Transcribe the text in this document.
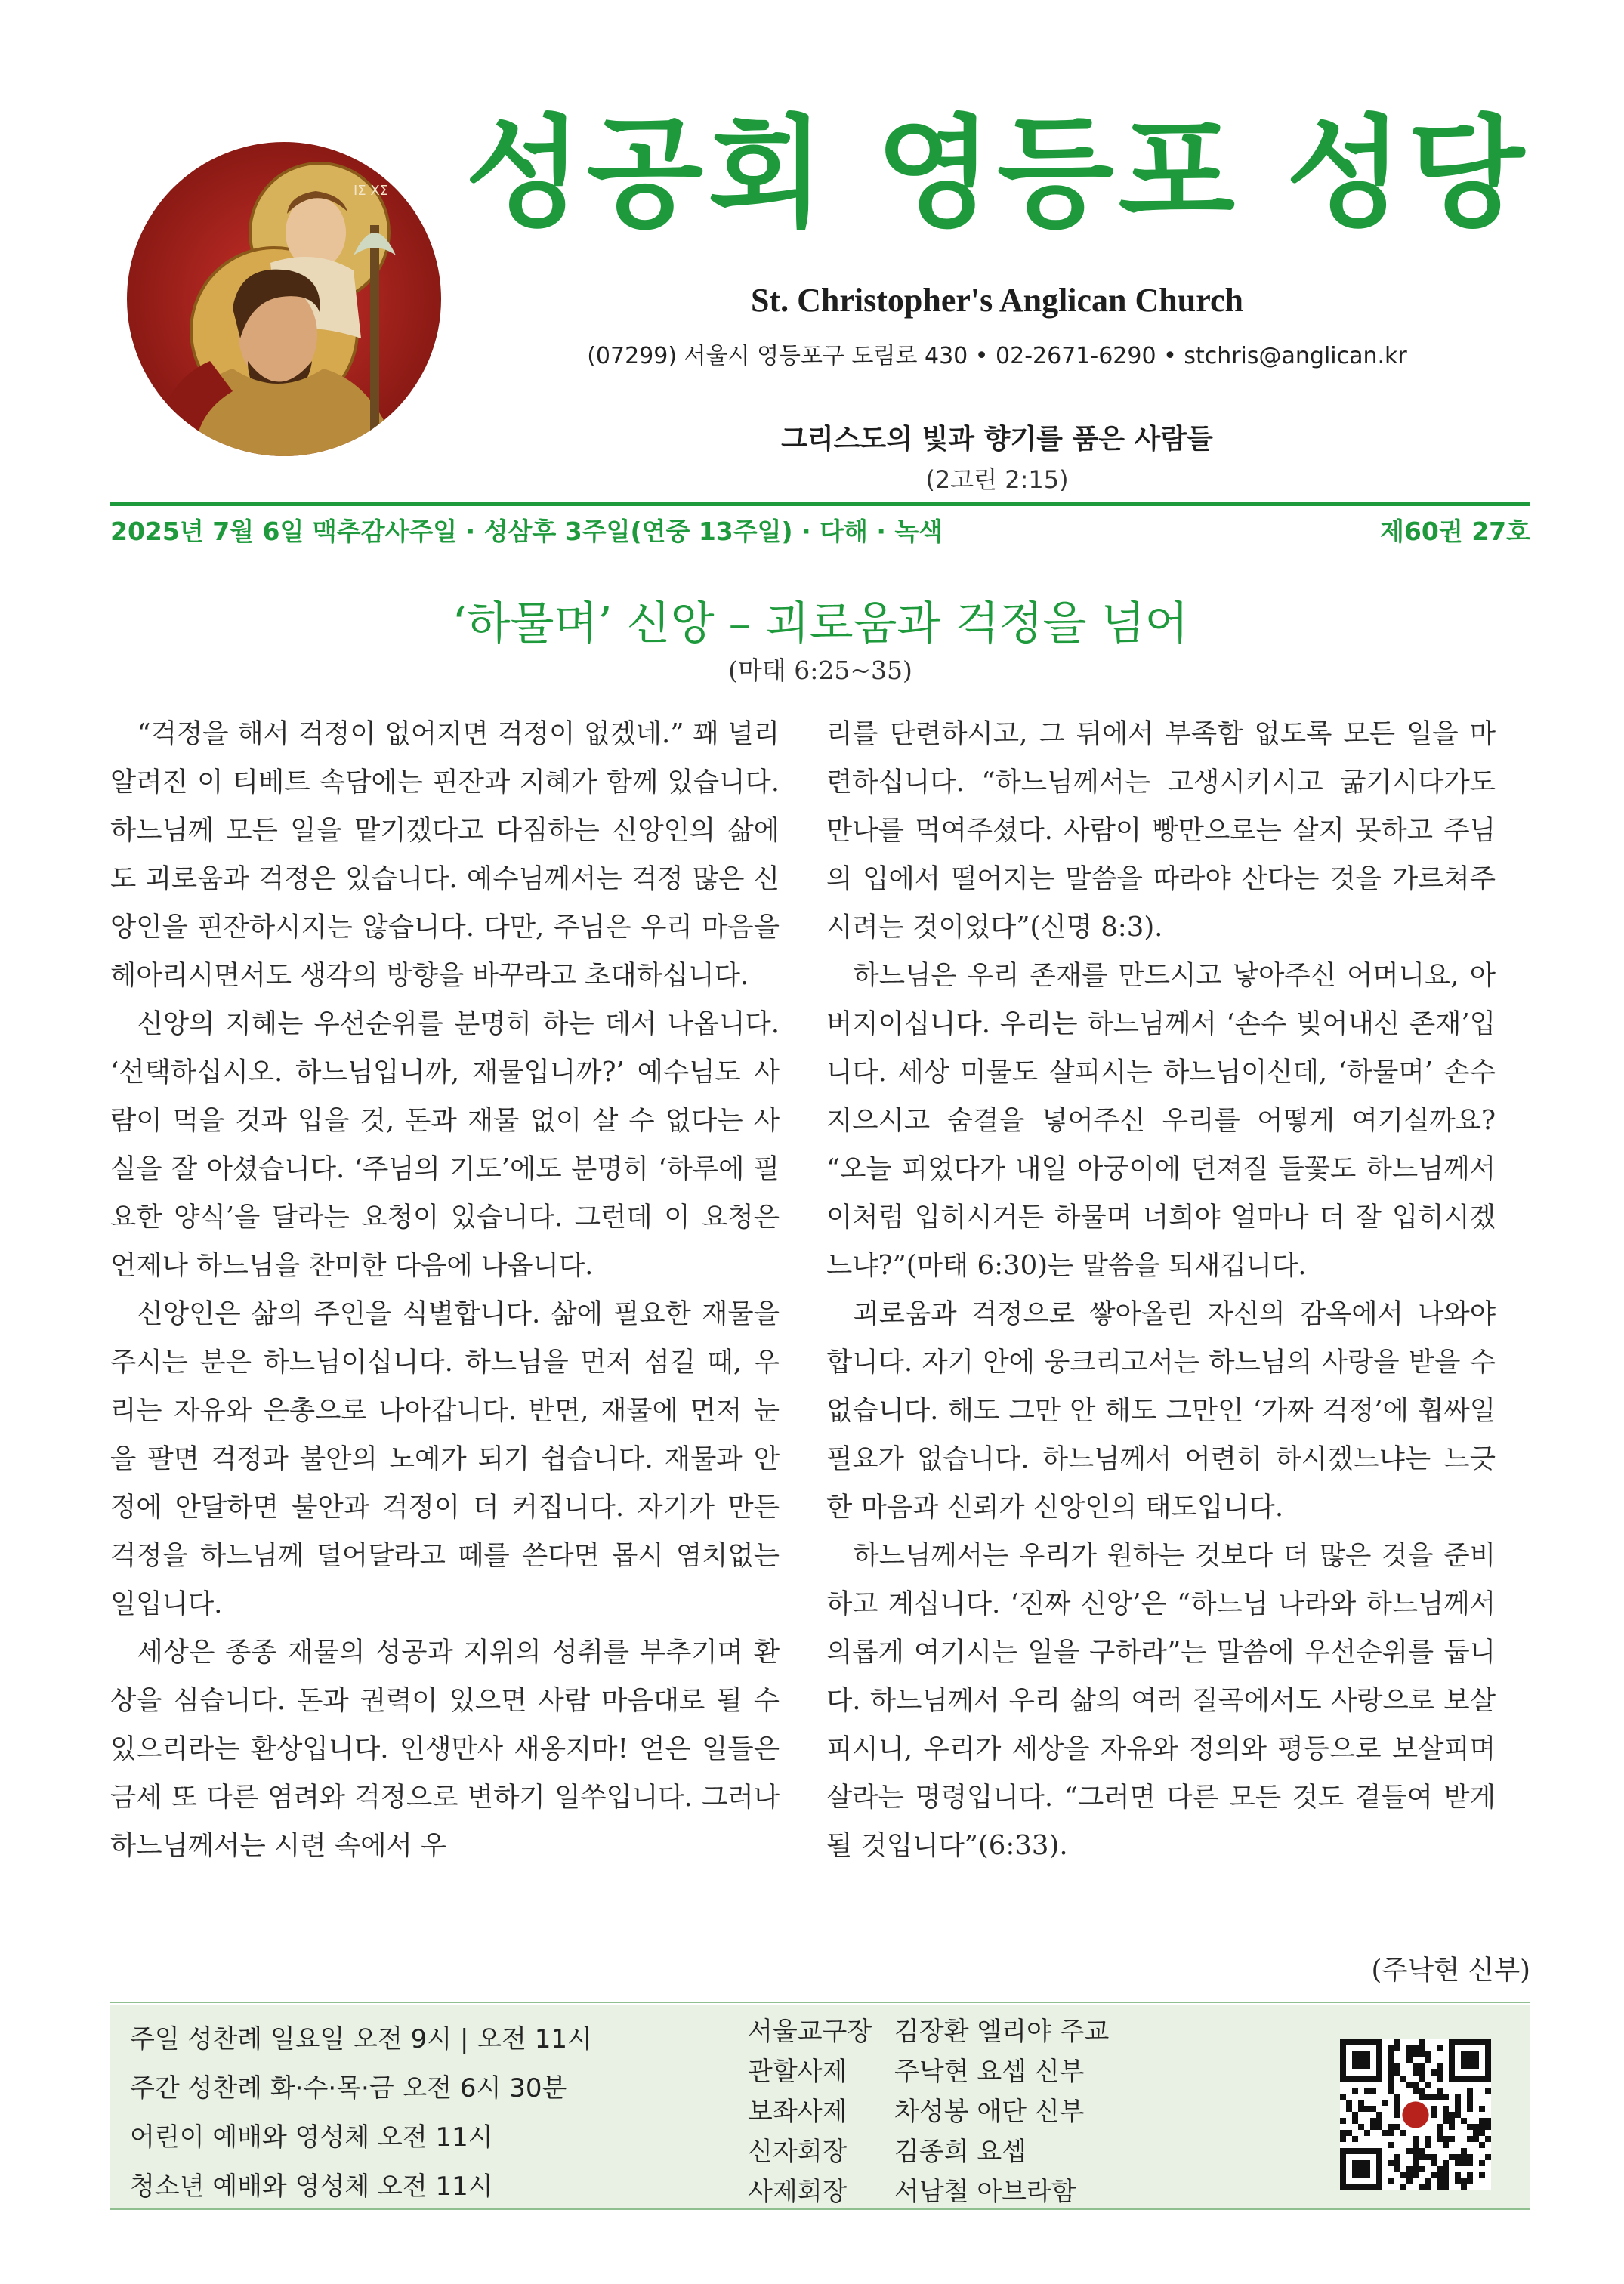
ΙΣ ΧΣ 성공회 영등포 성당
St. Christopher's Anglican Church
(07299) 서울시 영등포구 도림로 430 • 02-2671-6290 • stchris@anglican.kr
그리스도의 빛과 향기를 품은 사람들
(2고린 2:15)
2025년 7월 6일 맥추감사주일 · 성삼후 3주일(연중 13주일) · 다해 · 녹색	제60권 27호
‘하물며’ 신앙 – 괴로움과 걱정을 넘어
(마태 6:25~35)

“걱정을 해서 걱정이 없어지면 걱정이 없겠네.” 꽤 널리 알려진 이 티베트 속담에는 핀잔과 지혜가 함께 있습니다. 하느님께 모든 일을 맡기겠다고 다짐하는 신앙인의 삶에도 괴로움과 걱정은 있습니다. 예수님께서는 걱정 많은 신앙인을 핀잔하시지는 않습니다. 다만, 주님은 우리 마음을 헤아리시면서도 생각의 방향을 바꾸라고 초대하십니다.

신앙의 지혜는 우선순위를 분명히 하는 데서 나옵니다. ‘선택하십시오. 하느님입니까, 재물입니까?’ 예수님도 사람이 먹을 것과 입을 것, 돈과 재물 없이 살 수 없다는 사실을 잘 아셨습니다. ‘주님의 기도’에도 분명히 ‘하루에 필요한 양식’을 달라는 요청이 있습니다. 그런데 이 요청은 언제나 하느님을 찬미한 다음에 나옵니다.

신앙인은 삶의 주인을 식별합니다. 삶에 필요한 재물을 주시는 분은 하느님이십니다. 하느님을 먼저 섬길 때, 우리는 자유와 은총으로 나아갑니다. 반면, 재물에 먼저 눈을 팔면 걱정과 불안의 노예가 되기 쉽습니다. 재물과 안정에 안달하면 불안과 걱정이 더 커집니다. 자기가 만든 걱정을 하느님께 덜어달라고 떼를 쓴다면 몹시 염치없는 일입니다.

세상은 종종 재물의 성공과 지위의 성취를 부추기며 환상을 심습니다. 돈과 권력이 있으면 사람 마음대로 될 수 있으리라는 환상입니다. 인생만사 새옹지마! 얻은 일들은 금세 또 다른 염려와 걱정으로 변하기 일쑤입니다. 그러나 하느님께서는 시련 속에서 우

리를 단련하시고, 그 뒤에서 부족함 없도록 모든 일을 마련하십니다. “하느님께서는 고생시키시고 굶기시다가도 만나를 먹여주셨다. 사람이 빵만으로는 살지 못하고 주님의 입에서 떨어지는 말씀을 따라야 산다는 것을 가르쳐주시려는 것이었다”(신명 8:3).

하느님은 우리 존재를 만드시고 낳아주신 어머니요, 아버지이십니다. 우리는 하느님께서 ‘손수 빚어내신 존재’입니다. 세상 미물도 살피시는 하느님이신데, ‘하물며’ 손수 지으시고 숨결을 넣어주신 우리를 어떻게 여기실까요? “오늘 피었다가 내일 아궁이에 던져질 들꽃도 하느님께서 이처럼 입히시거든 하물며 너희야 얼마나 더 잘 입히시겠느냐?”(마태 6:30)는 말씀을 되새깁니다.

괴로움과 걱정으로 쌓아올린 자신의 감옥에서 나와야 합니다. 자기 안에 웅크리고서는 하느님의 사랑을 받을 수 없습니다. 해도 그만 안 해도 그만인 ‘가짜 걱정’에 휩싸일 필요가 없습니다. 하느님께서 어련히 하시겠느냐는 느긋한 마음과 신뢰가 신앙인의 태도입니다.

하느님께서는 우리가 원하는 것보다 더 많은 것을 준비하고 계십니다. ‘진짜 신앙’은 “하느님 나라와 하느님께서 의롭게 여기시는 일을 구하라”는 말씀에 우선순위를 둡니다. 하느님께서 우리 삶의 여러 질곡에서도 사랑으로 보살피시니, 우리가 세상을 자유와 정의와 평등으로 보살피며 살라는 명령입니다. “그러면 다른 모든 것도 곁들여 받게 될 것입니다”(6:33).

(주낙현 신부)
주일 성찬례 일요일 오전 9시 | 오전 11시
주간 성찬례 화·수·목·금 오전 6시 30분
어린이 예배와 영성체 오전 11시
청소년 예배와 영성체 오전 11시
서울교구장 김장환 엘리야 주교
관할사제 주낙현 요셉 신부
보좌사제 차성봉 애단 신부
신자회장 김종희 요셉
사제회장 서남철 아브라함
